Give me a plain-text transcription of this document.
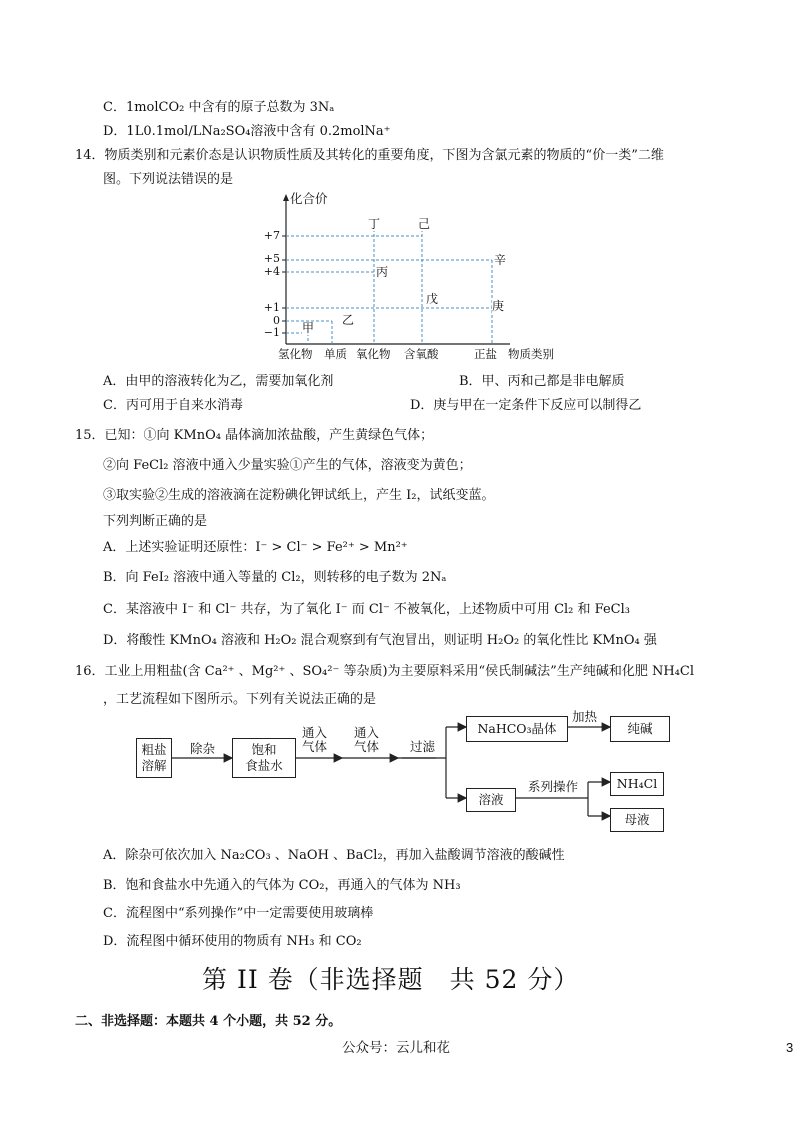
C．1molCO₂ 中含有的原子总数为 3Nₐ
D．1L0.1mol/LNa₂SO₄溶液中含有 0.2molNa⁺
14．物质类别和元素价态是认识物质性质及其转化的重要角度，下图为含氯元素的物质的“价一类”二维
图。下列说法错误的是
化合价
+7
+5
+4
+1
0
−1 甲
乙
丙
丁
戊
己
庚
辛
氢化物 单质 氧化物 含氧酸	正盐 物质类别
A．由甲的溶液转化为乙，需要加氧化剂	B．甲、丙和己都是非电解质
C．丙可用于自来水消毒	D．庚与甲在一定条件下反应可以制得乙
15．已知：①向 KMnO₄ 晶体滴加浓盐酸，产生黄绿色气体；
②向 FeCl₂ 溶液中通入少量实验①产生的气体，溶液变为黄色；
③取实验②生成的溶液滴在淀粉碘化钾试纸上，产生 I₂，试纸变蓝。
下列判断正确的是
A．上述实验证明还原性：I⁻ > Cl⁻ > Fe²⁺ > Mn²⁺
B．向 FeI₂ 溶液中通入等量的 Cl₂，则转移的电子数为 2Nₐ
C．某溶液中 I⁻ 和 Cl⁻ 共存，为了氧化 I⁻ 而 Cl⁻ 不被氧化，上述物质中可用 Cl₂ 和 FeCl₃
D．将酸性 KMnO₄ 溶液和 H₂O₂ 混合观察到有气泡冒出，则证明 H₂O₂ 的氧化性比 KMnO₄ 强
16．工业上用粗盐(含 Ca²⁺ 、Mg²⁺ 、SO₄²⁻ 等杂质)为主要原料采用“侯氏制碱法”生产纯碱和化肥 NH₄Cl
，工艺流程如下图所示。下列有关说法正确的是
粗盐
溶解
除杂	饱和
食盐水
通入
气体
通入
气体 过滤
NaHCO₃晶体
加热
纯碱
溶液
系列操作	NH₄Cl
母液
A．除杂可依次加入 Na₂CO₃ 、NaOH 、BaCl₂，再加入盐酸调节溶液的酸碱性
B．饱和食盐水中先通入的气体为 CO₂，再通入的气体为 NH₃
C．流程图中“系列操作”中一定需要使用玻璃棒
D．流程图中循环使用的物质有 NH₃ 和 CO₂
第 II 卷（非选择题　共 52 分）
二、非选择题：本题共 4 个小题，共 52 分。
公众号：云儿和花	3
